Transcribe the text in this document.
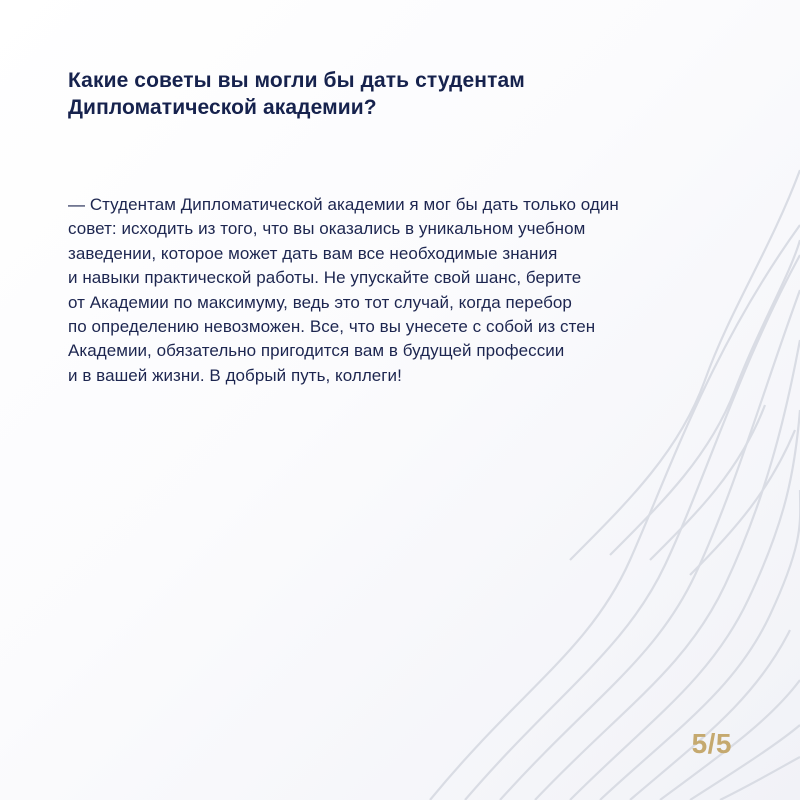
Какие советы вы могли бы дать студентам
Дипломатической академии?

— Студентам Дипломатической академии я мог бы дать только один
совет: исходить из того, что вы оказались в уникальном учебном
заведении, которое может дать вам все необходимые знания
и навыки практической работы. Не упускайте свой шанс, берите
от Академии по максимуму, ведь это тот случай, когда перебор
по определению невозможен. Все, что вы унесете с собой из стен
Академии, обязательно пригодится вам в будущей профессии
и в вашей жизни. В добрый путь, коллеги!

5/5
